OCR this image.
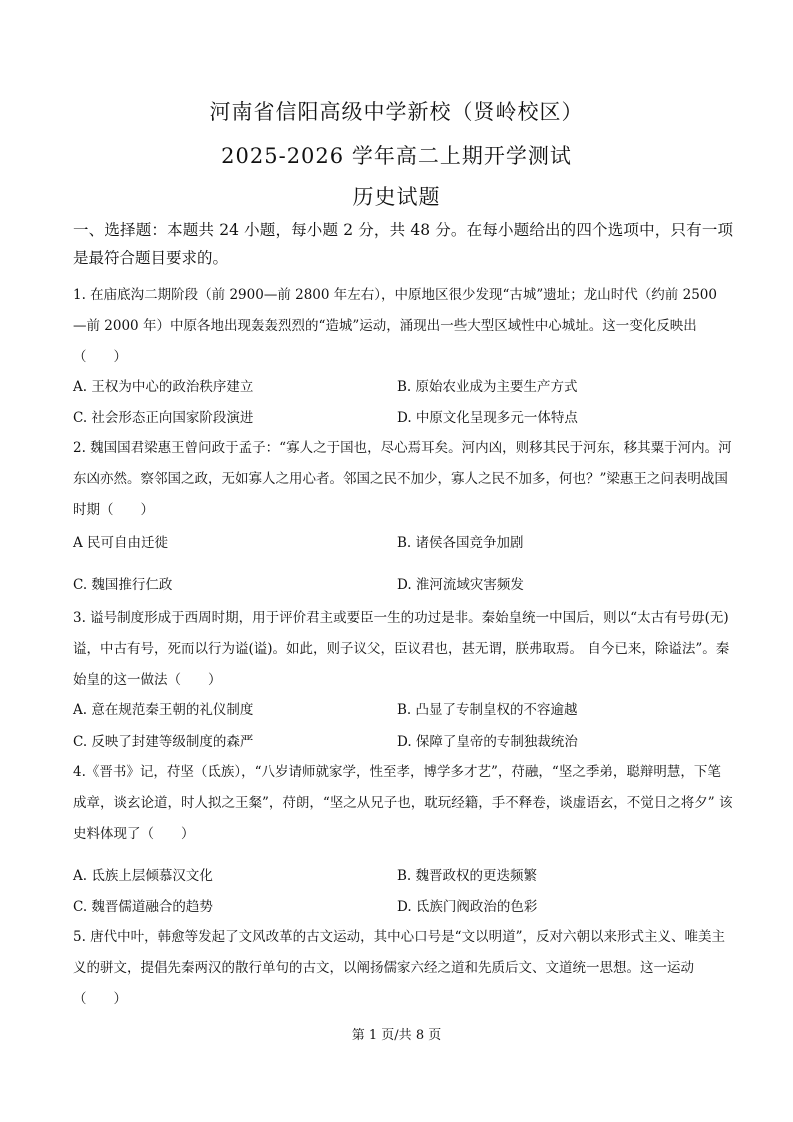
河南省信阳高级中学新校（贤岭校区）
2025-2026 学年高二上期开学测试
历史试题
一、选择题：本题共 24 小题，每小题 2 分，共 48 分。在每小题给出的四个选项中，只有一项是最符合题目要求的。
1. 在庙底沟二期阶段（前 2900—前 2800 年左右），中原地区很少发现“古城”遗址；龙山时代（约前 2500 —前 2000 年）中原各地出现轰轰烈烈的“造城”运动，涌现出一些大型区域性中心城址。这一变化反映出（　　）
A. 王权为中心的政治秩序建立	B. 原始农业成为主要生产方式
C. 社会形态正向国家阶段演进	D. 中原文化呈现多元一体特点
2. 魏国国君梁惠王曾问政于孟子：“寡人之于国也，尽心焉耳矣。河内凶，则移其民于河东，移其粟于河内。河东凶亦然。察邻国之政，无如寡人之用心者。邻国之民不加少，寡人之民不加多，何也？”梁惠王之问表明战国时期（　　）
A 民可自由迁徙	B. 诸侯各国竞争加剧
C. 魏国推行仁政	D. 淮河流域灾害频发
3. 谥号制度形成于西周时期，用于评价君主或要臣一生的功过是非。秦始皇统一中国后，则以“太古有号毋(无)谥，中古有号，死而以行为谥(谥)。如此，则子议父，臣议君也，甚无谓，朕弗取焉。 自今已来，除谥法”。秦始皇的这一做法（　　）
A. 意在规范秦王朝的礼仪制度	B. 凸显了专制皇权的不容逾越
C. 反映了封建等级制度的森严	D. 保障了皇帝的专制独裁统治
4.《晋书》记，苻坚（氐族），“八岁请师就家学，性至孝，博学多才艺”，苻融，“坚之季弟，聪辩明慧，下笔成章，谈玄论道，时人拟之王粲”，苻朗，“坚之从兄子也，耽玩经籍，手不释卷，谈虚语玄，不觉日之将夕” 该史料体现了（　　）
A. 氐族上层倾慕汉文化	B. 魏晋政权的更迭频繁
C. 魏晋儒道融合的趋势	D. 氐族门阀政治的色彩
5. 唐代中叶，韩愈等发起了文风改革的古文运动，其中心口号是“文以明道”，反对六朝以来形式主义、唯美主义的骈文，提倡先秦两汉的散行单句的古文，以阐扬儒家六经之道和先质后文、文道统一思想。这一运动（　　）
第 1 页/共 8 页
